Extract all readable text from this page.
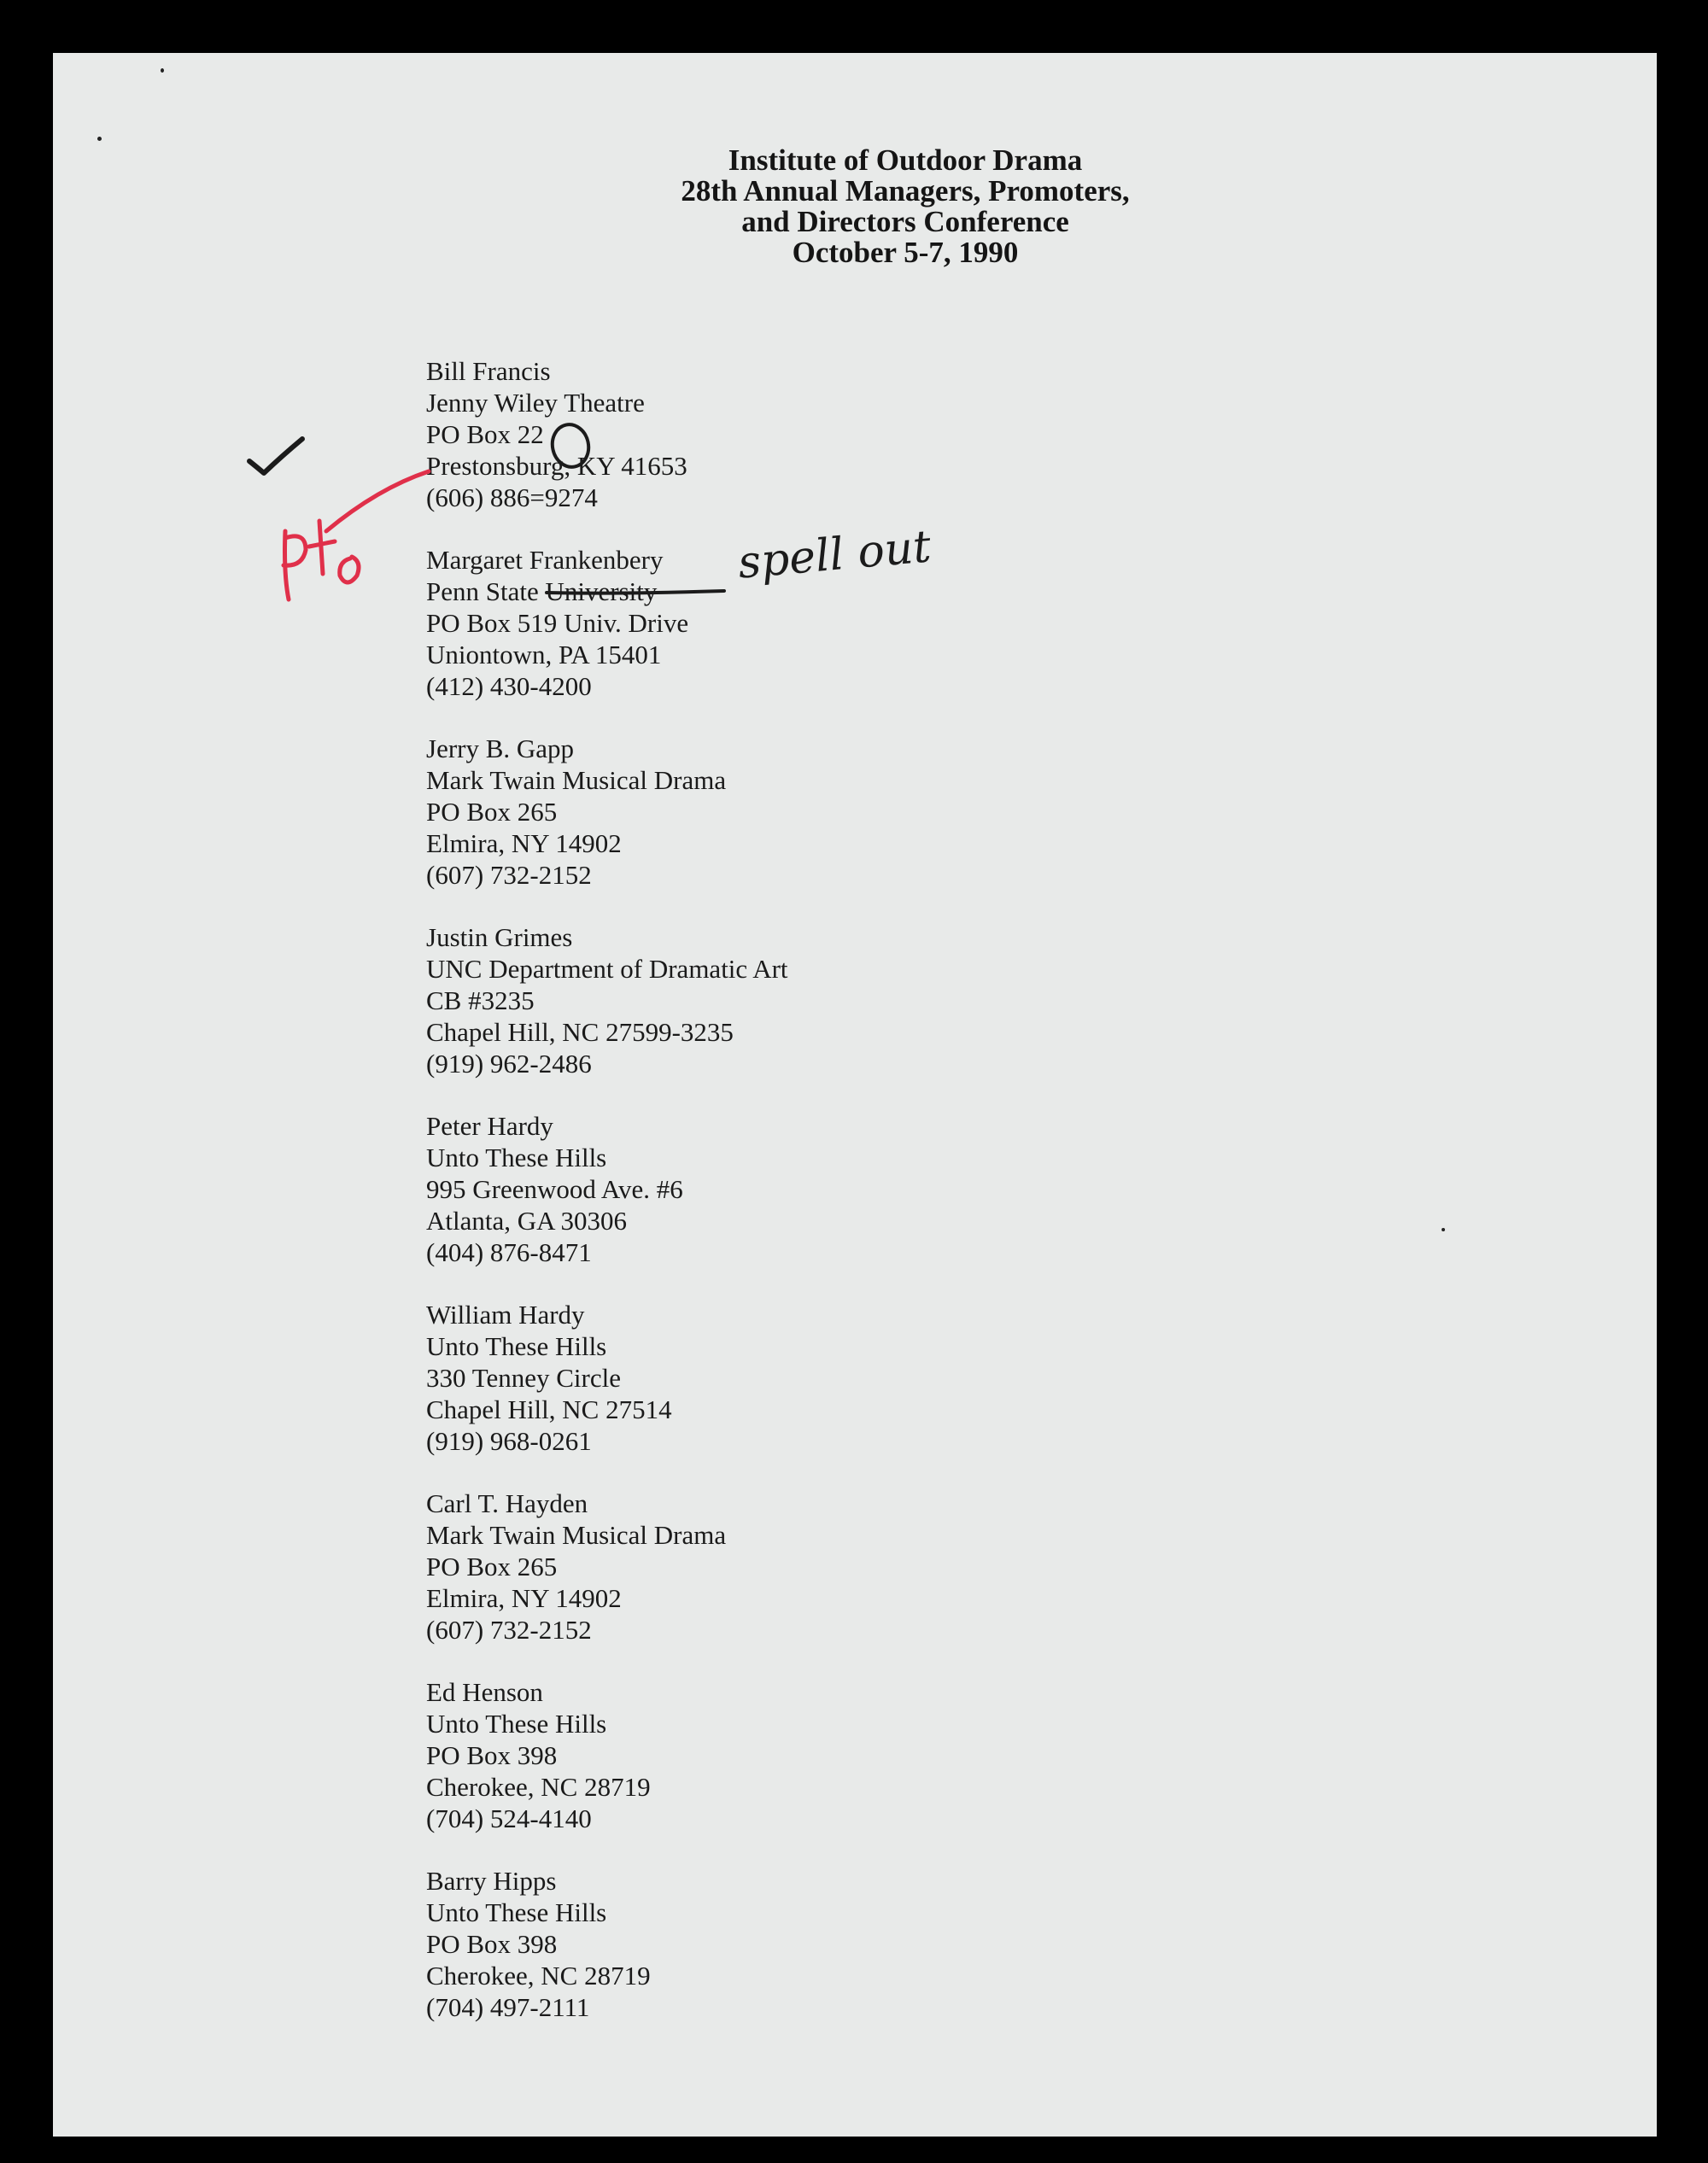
Institute of Outdoor Drama
28th Annual Managers, Promoters,
and Directors Conference
October 5-7, 1990
Bill Francis
Jenny Wiley Theatre
PO Box 22
Prestonsburg, KY 41653
(606) 886=9274
Margaret Frankenbery
Penn State University
PO Box 519 Univ. Drive
Uniontown, PA 15401
(412) 430-4200
Jerry B. Gapp
Mark Twain Musical Drama
PO Box 265
Elmira, NY 14902
(607) 732-2152
Justin Grimes
UNC Department of Dramatic Art
CB #3235
Chapel Hill, NC 27599-3235
(919) 962-2486
Peter Hardy
Unto These Hills
995 Greenwood Ave. #6
Atlanta, GA 30306
(404) 876-8471
William Hardy
Unto These Hills
330 Tenney Circle
Chapel Hill, NC 27514
(919) 968-0261
Carl T. Hayden
Mark Twain Musical Drama
PO Box 265
Elmira, NY 14902
(607) 732-2152
Ed Henson
Unto These Hills
PO Box 398
Cherokee, NC 28719
(704) 524-4140
Barry Hipps
Unto These Hills
PO Box 398
Cherokee, NC 28719
(704) 497-2111
spell out
